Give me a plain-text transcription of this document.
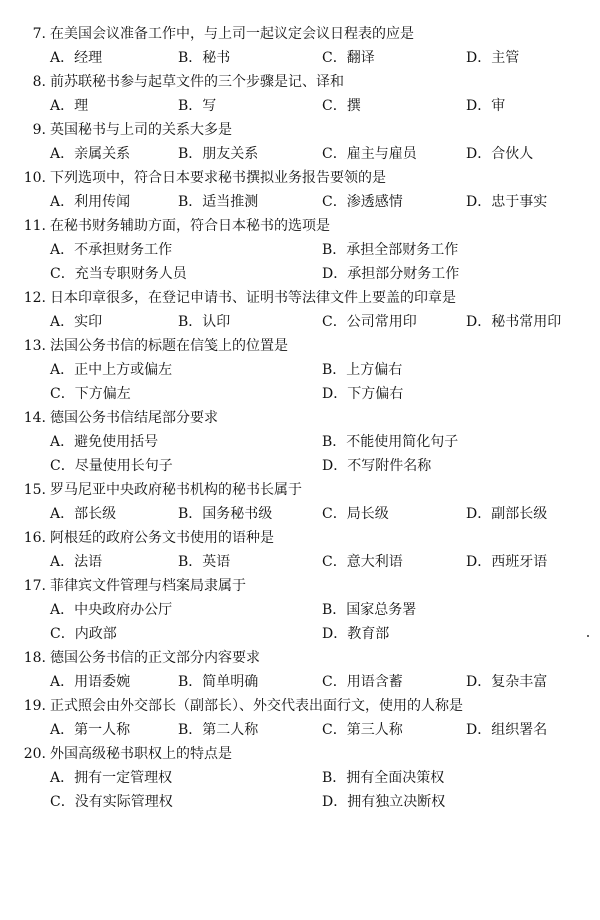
7. 在美国会议准备工作中，与上司一起议定会议日程表的应是
A．经理	B．秘书	C．翻译	D．主管
8. 前苏联秘书参与起草文件的三个步骤是记、译和
A．理	B．写	C．撰	D．审
9. 英国秘书与上司的关系大多是
A．亲属关系	B．朋友关系	C．雇主与雇员	D．合伙人
10. 下列选项中，符合日本要求秘书撰拟业务报告要领的是
A．利用传闻	B．适当推测	C．渗透感情	D．忠于事实
11. 在秘书财务辅助方面，符合日本秘书的选项是
A．不承担财务工作	B．承担全部财务工作
C．充当专职财务人员	D．承担部分财务工作
12. 日本印章很多，在登记申请书、证明书等法律文件上要盖的印章是
A．实印	B．认印	C．公司常用印	D．秘书常用印
13. 法国公务书信的标题在信笺上的位置是
A．正中上方或偏左	B．上方偏右
C．下方偏左	D．下方偏右
14. 德国公务书信结尾部分要求
A．避免使用括号	B．不能使用简化句子
C．尽量使用长句子	D．不写附件名称
15. 罗马尼亚中央政府秘书机构的秘书长属于
A．部长级	B．国务秘书级	C．局长级	D．副部长级
16. 阿根廷的政府公务文书使用的语种是
A．法语	B．英语	C．意大利语	D．西班牙语
17. 菲律宾文件管理与档案局隶属于
A．中央政府办公厅	B．国家总务署
C．内政部	D．教育部
18. 德国公务书信的正文部分内容要求
A．用语委婉	B．简单明确	C．用语含蓄	D．复杂丰富
19. 正式照会由外交部长（副部长）、外交代表出面行文，使用的人称是
A．第一人称	B．第二人称	C．第三人称	D．组织署名
20. 外国高级秘书职权上的特点是
A．拥有一定管理权	B．拥有全面决策权
C．没有实际管理权	D．拥有独立决断权
